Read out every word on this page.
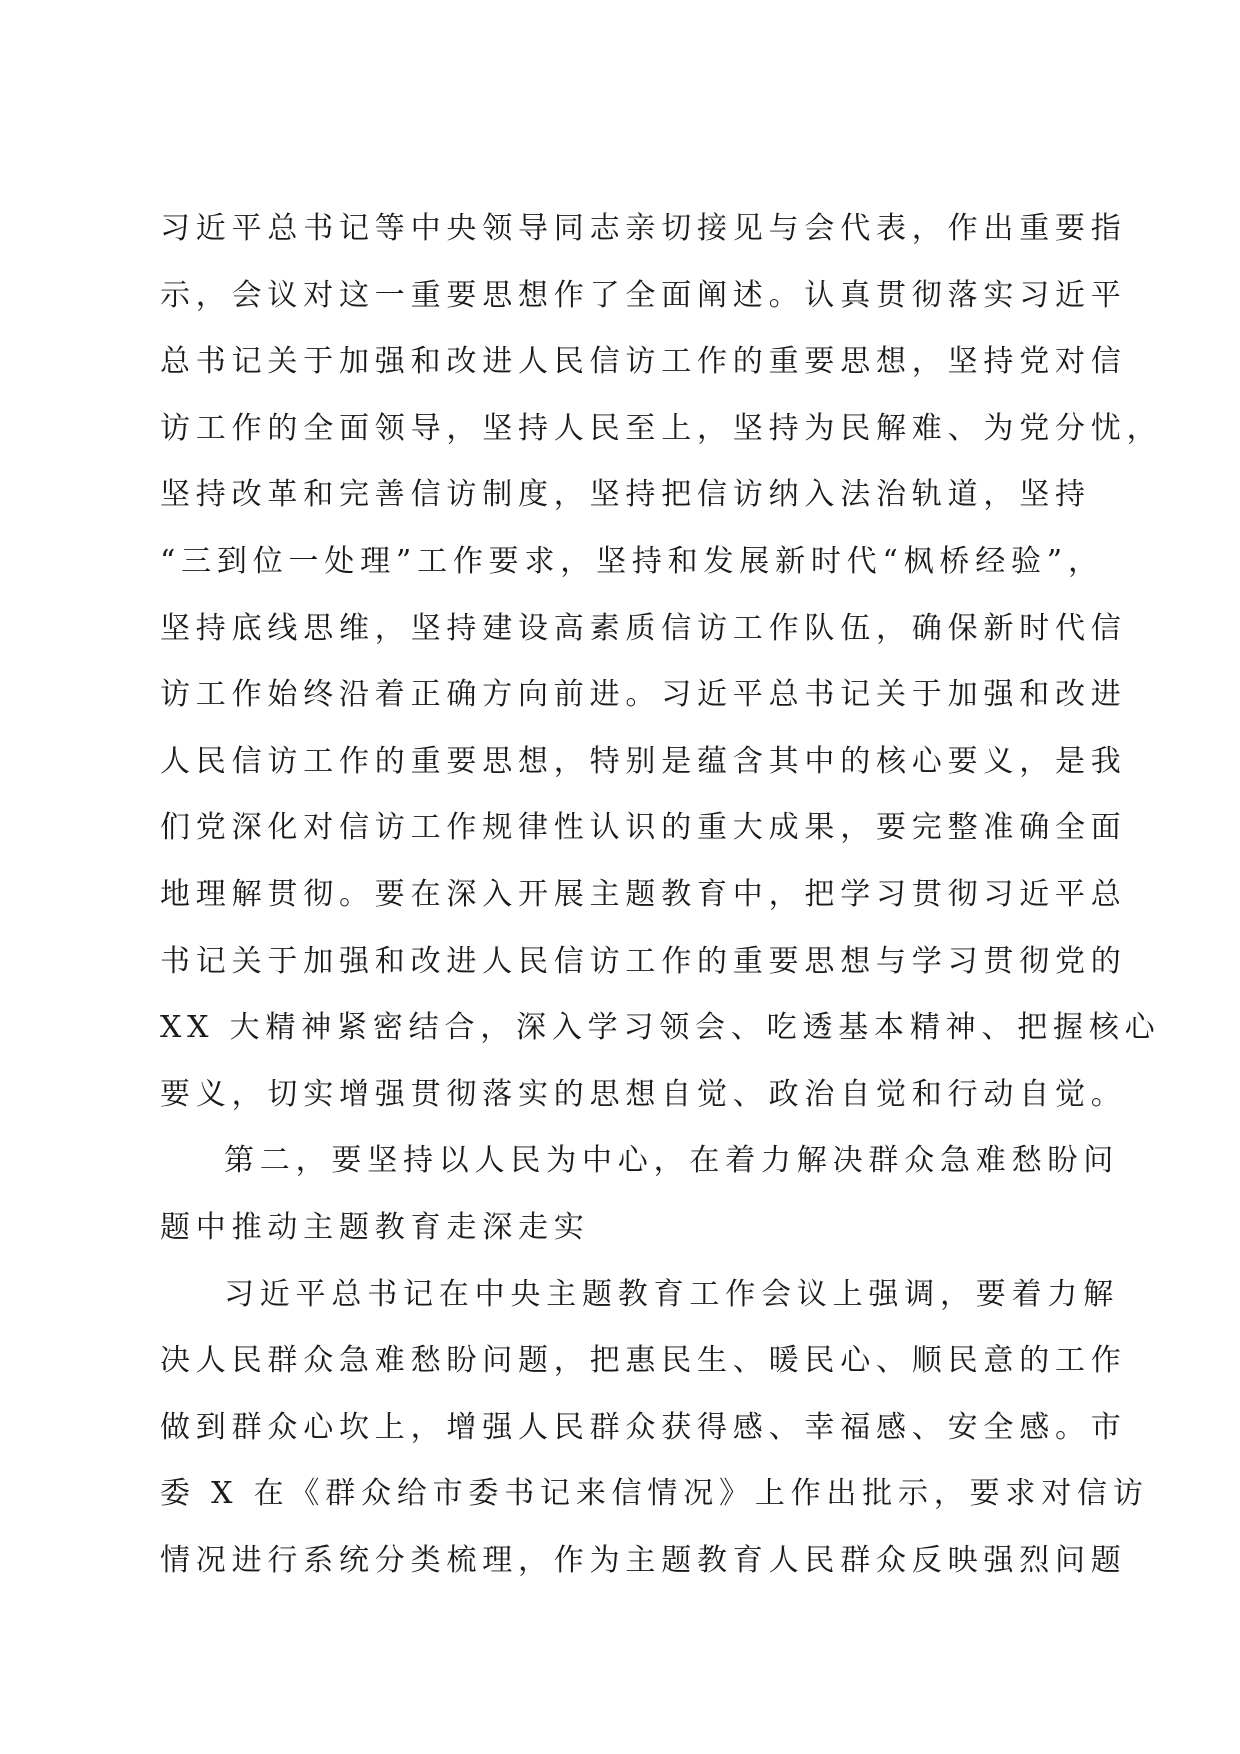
习近平总书记等中央领导同志亲切接见与会代表，作出重要指
示，会议对这一重要思想作了全面阐述。认真贯彻落实习近平
总书记关于加强和改进人民信访工作的重要思想，坚持党对信
访工作的全面领导，坚持人民至上，坚持为民解难、为党分忧，
坚持改革和完善信访制度，坚持把信访纳入法治轨道，坚持
“三到位一处理”工作要求，坚持和发展新时代“枫桥经验”，
坚持底线思维，坚持建设高素质信访工作队伍，确保新时代信
访工作始终沿着正确方向前进。习近平总书记关于加强和改进
人民信访工作的重要思想，特别是蕴含其中的核心要义，是我
们党深化对信访工作规律性认识的重大成果，要完整准确全面
地理解贯彻。要在深入开展主题教育中，把学习贯彻习近平总
书记关于加强和改进人民信访工作的重要思想与学习贯彻党的
XX 大精神紧密结合，深入学习领会、吃透基本精神、把握核心
要义，切实增强贯彻落实的思想自觉、政治自觉和行动自觉。
第二，要坚持以人民为中心，在着力解决群众急难愁盼问
题中推动主题教育走深走实
习近平总书记在中央主题教育工作会议上强调，要着力解
决人民群众急难愁盼问题，把惠民生、暖民心、顺民意的工作
做到群众心坎上，增强人民群众获得感、幸福感、安全感。市
委 X 在《群众给市委书记来信情况》上作出批示，要求对信访
情况进行系统分类梳理，作为主题教育人民群众反映强烈问题
